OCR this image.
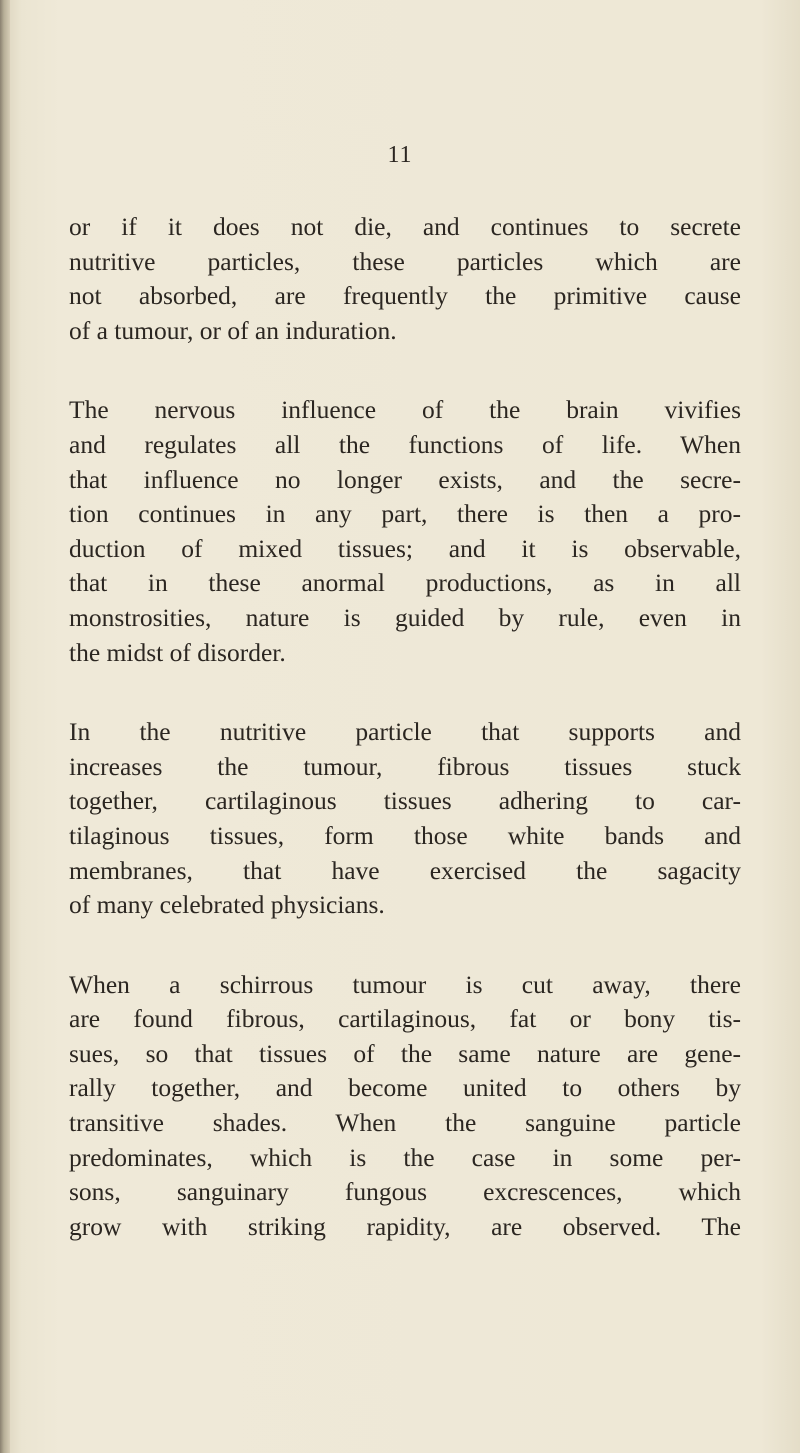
11
or if it does not die, and continues to secrete
nutritive particles, these particles which are
not absorbed, are frequently the primitive cause
of a tumour, or of an induration.
The nervous influence of the brain vivifies
and regulates all the functions of life. When
that influence no longer exists, and the secre-
tion continues in any part, there is then a pro-
duction of mixed tissues; and it is observable,
that in these anormal productions, as in all
monstrosities, nature is guided by rule, even in
the midst of disorder.
In the nutritive particle that supports and
increases the tumour, fibrous tissues stuck
together, cartilaginous tissues adhering to car-
tilaginous tissues, form those white bands and
membranes, that have exercised the sagacity
of many celebrated physicians.
When a schirrous tumour is cut away, there
are found fibrous, cartilaginous, fat or bony tis-
sues, so that tissues of the same nature are gene-
rally together, and become united to others by
transitive shades. When the sanguine particle
predominates, which is the case in some per-
sons, sanguinary fungous excrescences, which
grow with striking rapidity, are observed. The
